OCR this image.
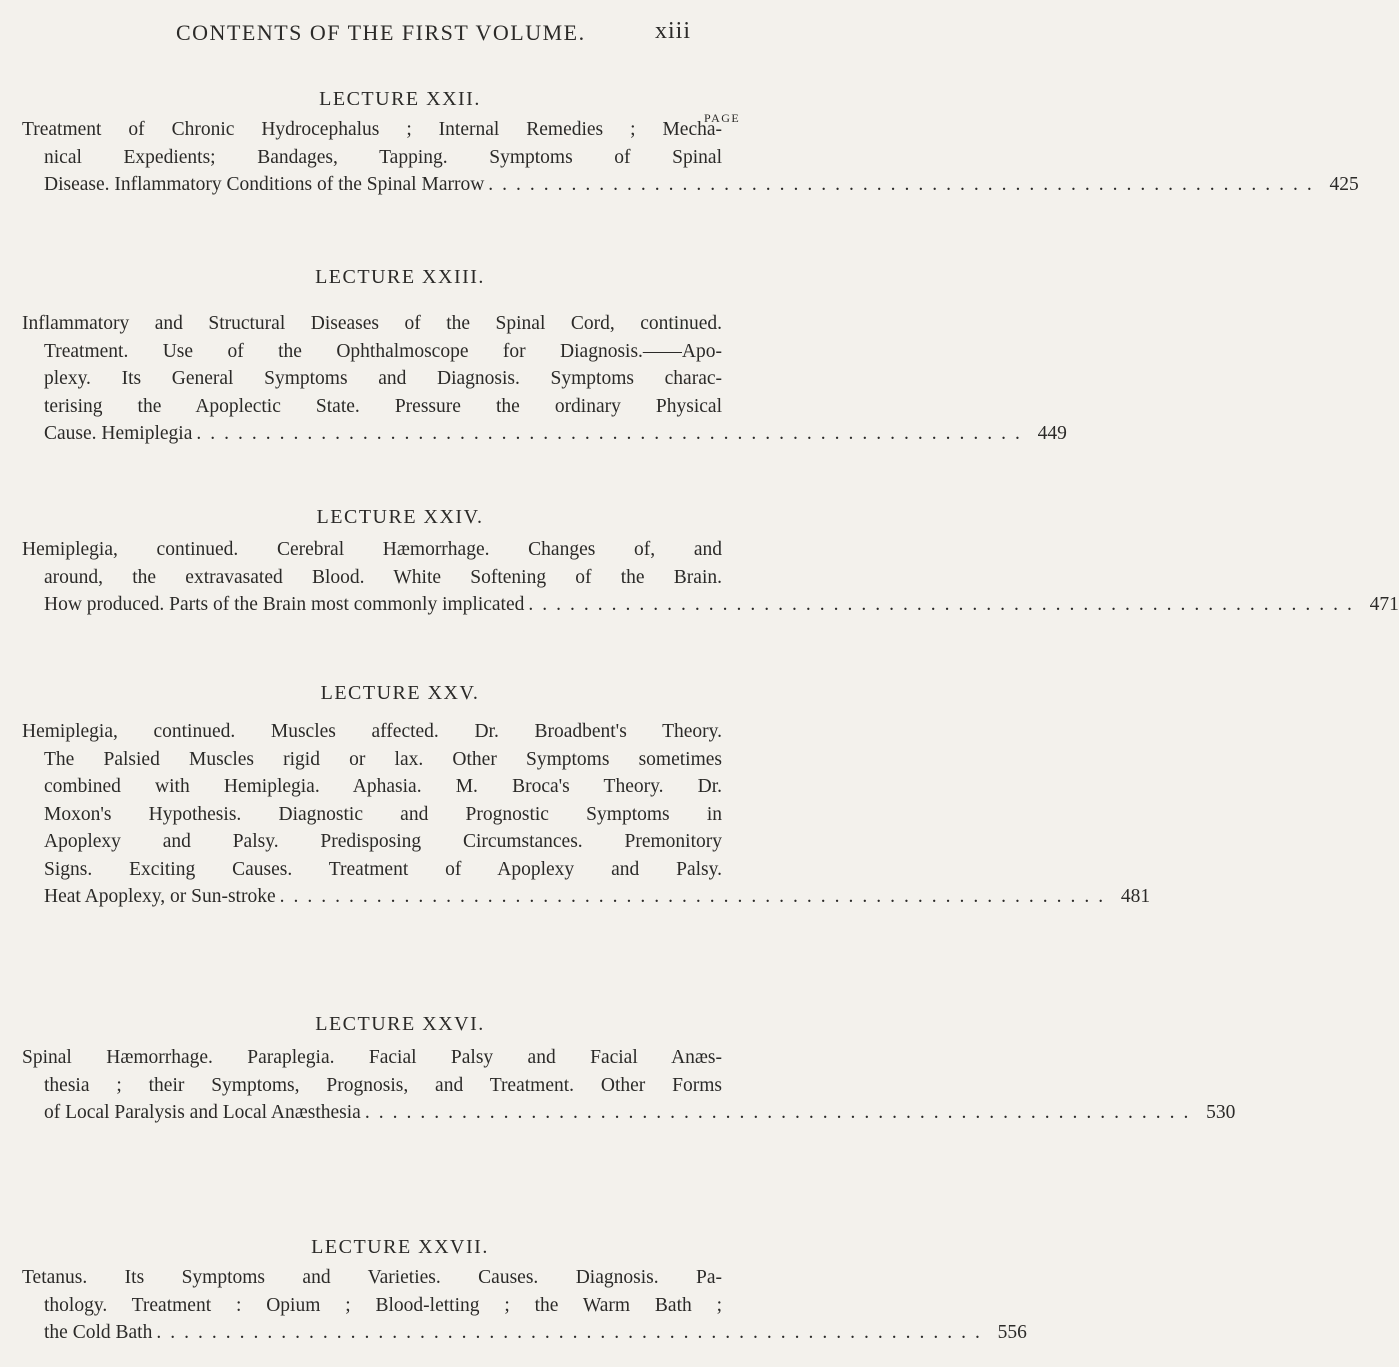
CONTENTS OF THE FIRST VOLUME.	xiii
PAGE
LECTURE XXII.
Treatment of Chronic Hydrocephalus ; Internal Remedies ; Mecha-
nical Expedients; Bandages, Tapping. Symptoms of Spinal
Disease. Inflammatory Conditions of the Spinal Marrow ............................................................ 425
LECTURE XXIII.
Inflammatory and Structural Diseases of the Spinal Cord, continued.
Treatment. Use of the Ophthalmoscope for Diagnosis.——Apo-
plexy. Its General Symptoms and Diagnosis. Symptoms charac-
terising the Apoplectic State. Pressure the ordinary Physical
Cause. Hemiplegia ............................................................ 449
LECTURE XXIV.
Hemiplegia, continued. Cerebral Hæmorrhage. Changes of, and
around, the extravasated Blood. White Softening of the Brain.
How produced. Parts of the Brain most commonly implicated ............................................................ 471
LECTURE XXV.
Hemiplegia, continued. Muscles affected. Dr. Broadbent's Theory.
The Palsied Muscles rigid or lax. Other Symptoms sometimes
combined with Hemiplegia. Aphasia. M. Broca's Theory. Dr.
Moxon's Hypothesis. Diagnostic and Prognostic Symptoms in
Apoplexy and Palsy. Predisposing Circumstances. Premonitory
Signs. Exciting Causes. Treatment of Apoplexy and Palsy.
Heat Apoplexy, or Sun-stroke ............................................................ 481
LECTURE XXVI.
Spinal Hæmorrhage. Paraplegia. Facial Palsy and Facial Anæs-
thesia ; their Symptoms, Prognosis, and Treatment. Other Forms
of Local Paralysis and Local Anæsthesia ............................................................ 530
LECTURE XXVII.
Tetanus. Its Symptoms and Varieties. Causes. Diagnosis. Pa-
thology. Treatment : Opium ; Blood-letting ; the Warm Bath ;
the Cold Bath ............................................................ 556
